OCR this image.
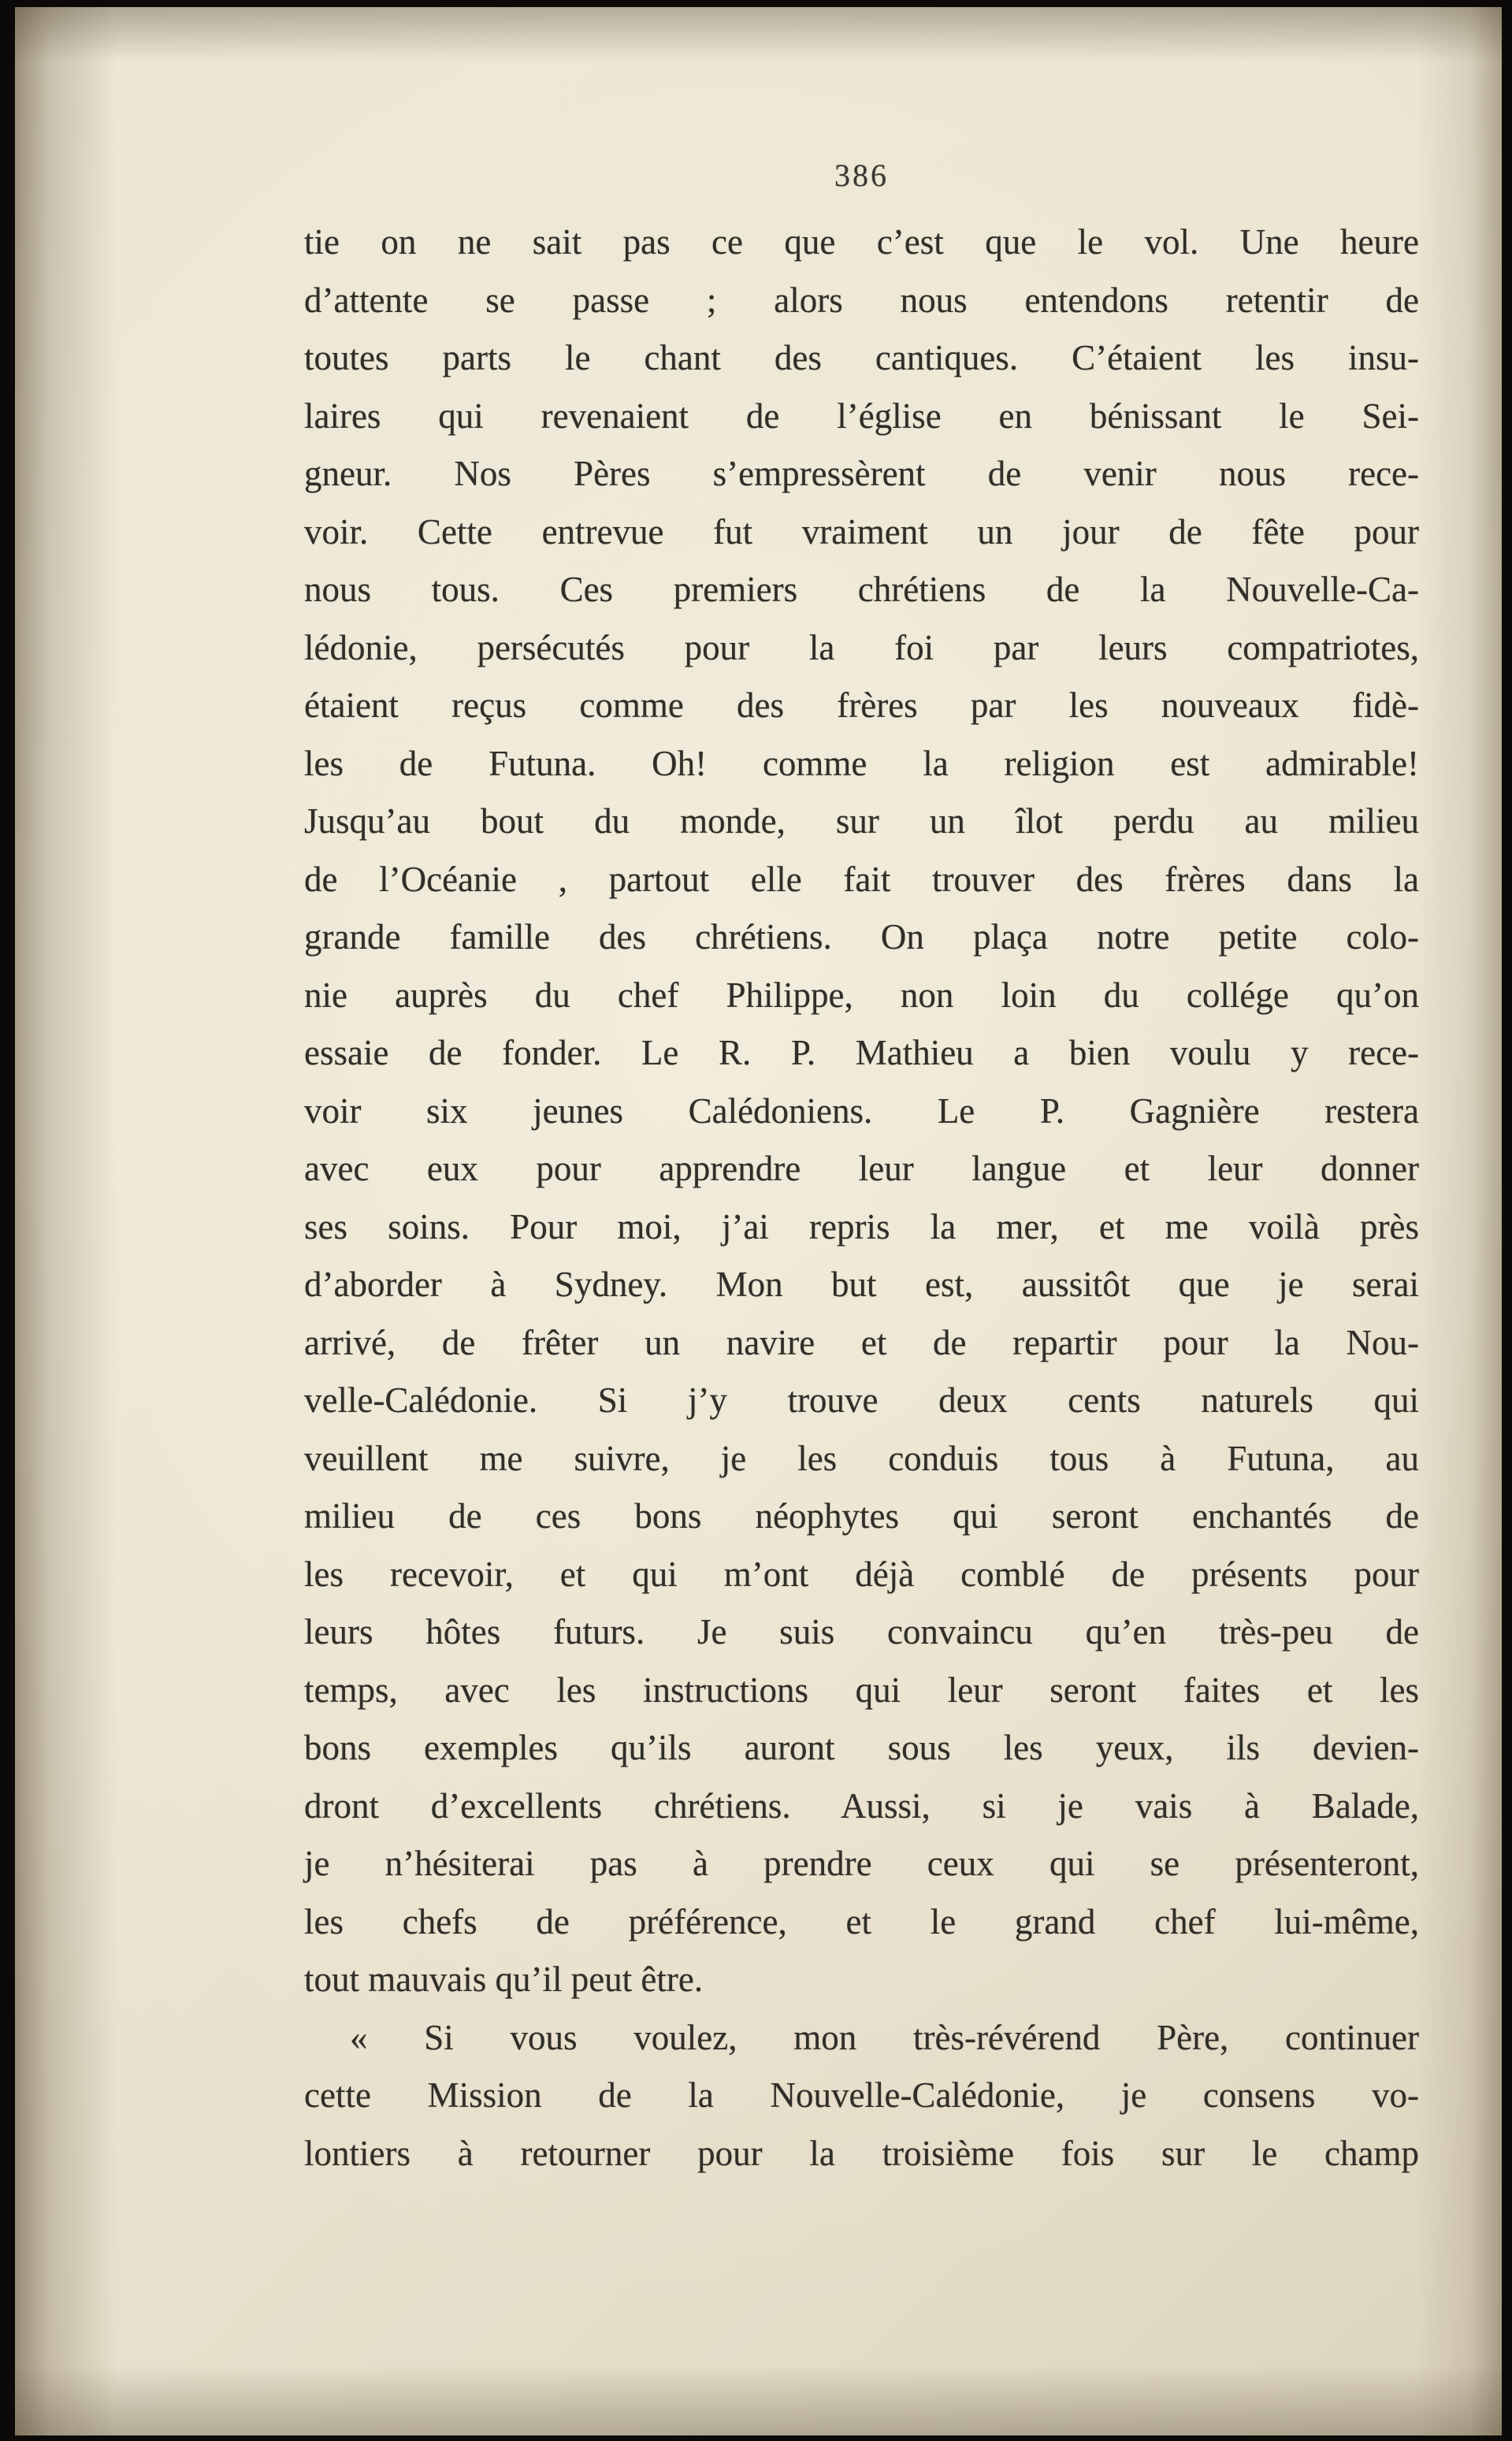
386
tie on ne sait pas ce que c’est que le vol. Une heure
d’attente se passe ; alors nous entendons retentir de
toutes parts le chant des cantiques. C’étaient les insu-
laires qui revenaient de l’église en bénissant le Sei-
gneur. Nos Pères s’empressèrent de venir nous rece-
voir. Cette entrevue fut vraiment un jour de fête pour
nous tous. Ces premiers chrétiens de la Nouvelle-Ca-
lédonie, persécutés pour la foi par leurs compatriotes,
étaient reçus comme des frères par les nouveaux fidè-
les de Futuna. Oh! comme la religion est admirable!
Jusqu’au bout du monde, sur un îlot perdu au milieu
de l’Océanie , partout elle fait trouver des frères dans la
grande famille des chrétiens. On plaça notre petite colo-
nie auprès du chef Philippe, non loin du collége qu’on
essaie de fonder. Le R. P. Mathieu a bien voulu y rece-
voir six jeunes Calédoniens. Le P. Gagnière restera
avec eux pour apprendre leur langue et leur donner
ses soins. Pour moi, j’ai repris la mer, et me voilà près
d’aborder à Sydney. Mon but est, aussitôt que je serai
arrivé, de frêter un navire et de repartir pour la Nou-
velle-Calédonie. Si j’y trouve deux cents naturels qui
veuillent me suivre, je les conduis tous à Futuna, au
milieu de ces bons néophytes qui seront enchantés de
les recevoir, et qui m’ont déjà comblé de présents pour
leurs hôtes futurs. Je suis convaincu qu’en très-peu de
temps, avec les instructions qui leur seront faites et les
bons exemples qu’ils auront sous les yeux, ils devien-
dront d’excellents chrétiens. Aussi, si je vais à Balade,
je n’hésiterai pas à prendre ceux qui se présenteront,
les chefs de préférence, et le grand chef lui-même,
tout mauvais qu’il peut être.
« Si vous voulez, mon très-révérend Père, continuer
cette Mission de la Nouvelle-Calédonie, je consens vo-
lontiers à retourner pour la troisième fois sur le champ
